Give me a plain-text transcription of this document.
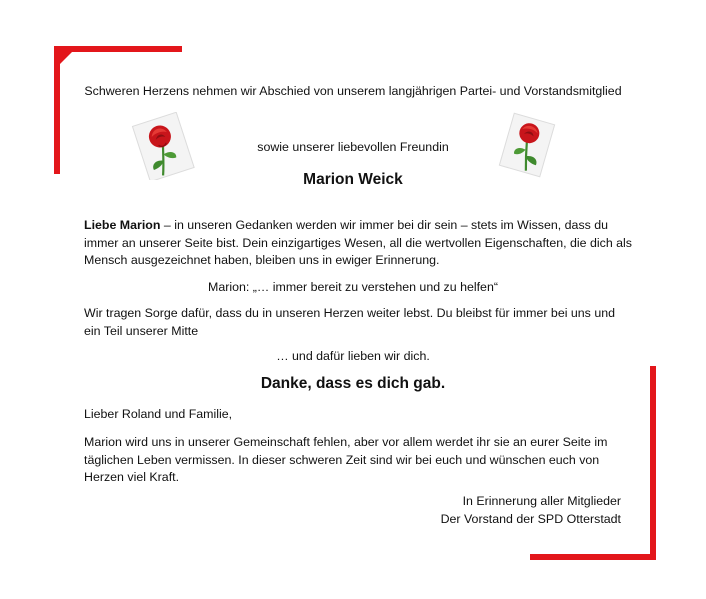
Schweren Herzens nehmen wir Abschied von unserem langjährigen Partei- und Vorstandsmitglied
sowie unserer liebevollen Freundin
Marion Weick
Liebe Marion – in unseren Gedanken werden wir immer bei dir sein – stets im Wissen, dass du immer an unserer Seite bist. Dein einzigartiges Wesen, all die wertvollen Eigenschaften, die dich als Mensch ausgezeichnet haben, bleiben uns in ewiger Erinnerung.
Marion: „… immer bereit zu verstehen und zu helfen“
Wir tragen Sorge dafür, dass du in unseren Herzen weiter lebst. Du bleibst für immer bei uns und ein Teil unserer Mitte
… und dafür lieben wir dich.
Danke, dass es dich gab.
Lieber Roland und Familie,
Marion wird uns in unserer Gemeinschaft fehlen, aber vor allem werdet ihr sie an eurer Seite im täglichen Leben vermissen. In dieser schweren Zeit sind wir bei euch und wünschen euch von Herzen viel Kraft.
In Erinnerung aller Mitglieder
Der Vorstand der SPD Otterstadt
